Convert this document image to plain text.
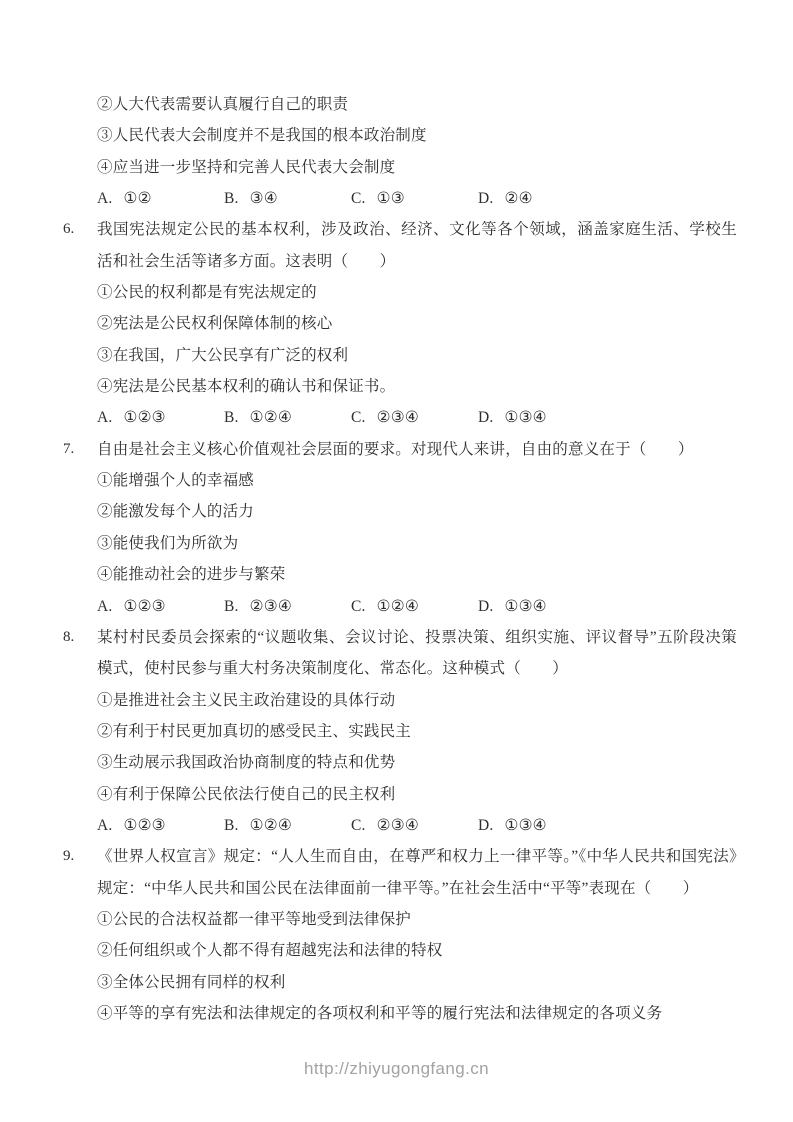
②人大代表需要认真履行自己的职责

③人民代表大会制度并不是我国的根本政治制度

④应当进一步坚持和完善人民代表大会制度

A. ①②	B. ③④	C. ①③	D. ②④
6. 我国宪法规定公民的基本权利，涉及政治、经济、文化等各个领域，涵盖家庭生活、学校生活和社会生活等诸多方面。这表明（　　）

①公民的权利都是有宪法规定的

②宪法是公民权利保障体制的核心

③在我国，广大公民享有广泛的权利

④宪法是公民基本权利的确认书和保证书。

A. ①②③	B. ①②④	C. ②③④	D. ①③④
7. 自由是社会主义核心价值观社会层面的要求。对现代人来讲，自由的意义在于（　　）

①能增强个人的幸福感

②能激发每个人的活力

③能使我们为所欲为

④能推动社会的进步与繁荣

A. ①②③	B. ②③④	C. ①②④	D. ①③④
8. 某村村民委员会探索的“议题收集、会议讨论、投票决策、组织实施、评议督导”五阶段决策模式，使村民参与重大村务决策制度化、常态化。这种模式（　　）

①是推进社会主义民主政治建设的具体行动

②有利于村民更加真切的感受民主、实践民主

③生动展示我国政治协商制度的特点和优势

④有利于保障公民依法行使自己的民主权利

A. ①②③	B. ①②④	C. ②③④	D. ①③④
9. 《世界人权宣言》规定：“人人生而自由，在尊严和权力上一律平等。”《中华人民共和国宪法》规定：“中华人民共和国公民在法律面前一律平等。”在社会生活中“平等”表现在（　　）

①公民的合法权益都一律平等地受到法律保护

②任何组织或个人都不得有超越宪法和法律的特权

③全体公民拥有同样的权利

④平等的享有宪法和法律规定的各项权利和平等的履行宪法和法律规定的各项义务

http://zhiyugongfang.cn
